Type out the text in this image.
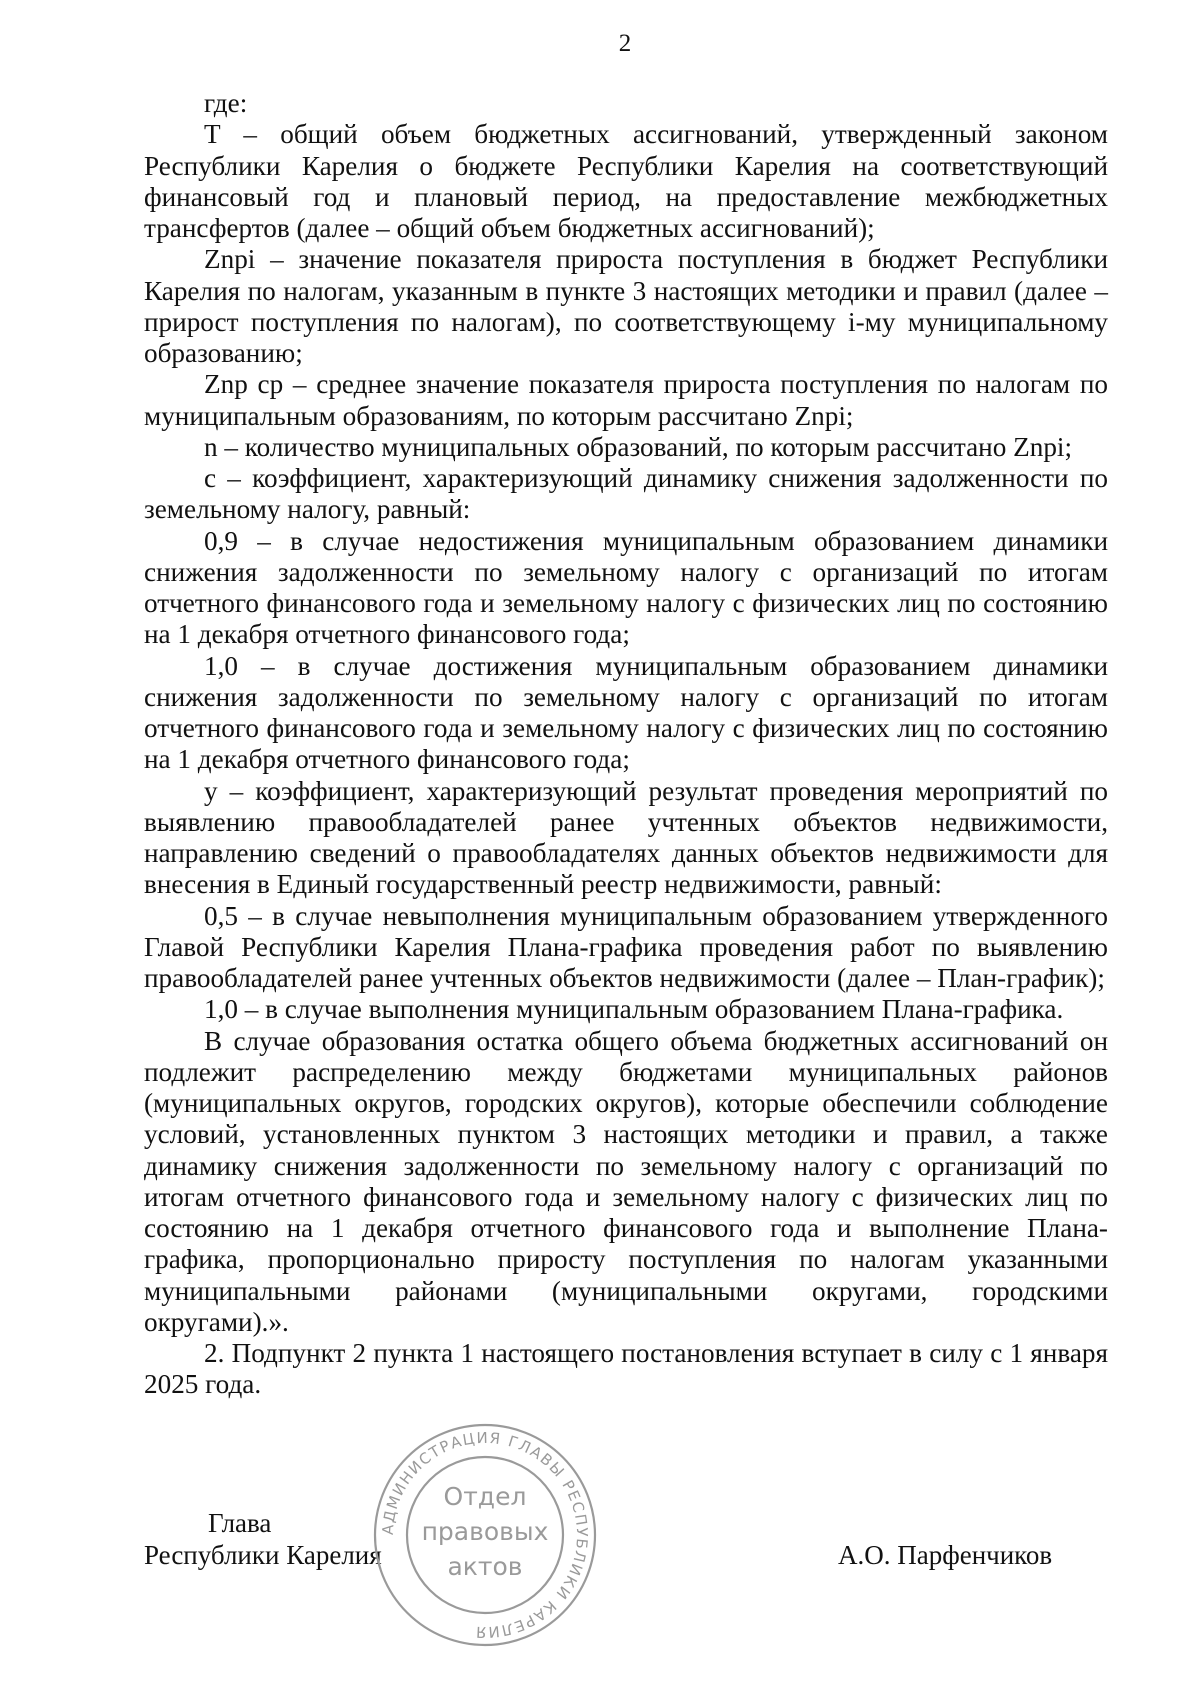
2

где:

T – общий объем бюджетных ассигнований, утвержденный законом Республики Карелия о бюджете Республики Карелия на соответствующий финансовый год и плановый период, на предоставление межбюджетных трансфертов (далее – общий объем бюджетных ассигнований);

Znpi – значение показателя прироста поступления в бюджет Республики Карелия по налогам, указанным в пункте 3 настоящих методики и правил (далее – прирост поступления по налогам), по соответствующему i-му муниципальному образованию;

Znp ср – среднее значение показателя прироста поступления по налогам по муниципальным образованиям, по которым рассчитано Znpi;

n – количество муниципальных образований, по которым рассчитано Znpi;

c – коэффициент, характеризующий динамику снижения задолженности по земельному налогу, равный:

0,9 – в случае недостижения муниципальным образованием динамики снижения задолженности по земельному налогу с организаций по итогам отчетного финансового года и земельному налогу с физических лиц по состоянию на 1 декабря отчетного финансового года;

1,0 – в случае достижения муниципальным образованием динамики снижения задолженности по земельному налогу с организаций по итогам отчетного финансового года и земельному налогу с физических лиц по состоянию на 1 декабря отчетного финансового года;

y – коэффициент, характеризующий результат проведения мероприятий по выявлению правообладателей ранее учтенных объектов недвижимости, направлению сведений о правообладателях данных объектов недвижимости для внесения в Единый государственный реестр недвижимости, равный:

0,5 – в случае невыполнения муниципальным образованием утвержденного Главой Республики Карелия Плана-графика проведения работ по выявлению правообладателей ранее учтенных объектов недвижимости (далее – План-график);

1,0 – в случае выполнения муниципальным образованием Плана-графика.

В случае образования остатка общего объема бюджетных ассигнований он подлежит распределению между бюджетами муниципальных районов (муниципальных округов, городских округов), которые обеспечили соблюдение условий, установленных пунктом 3 настоящих методики и правил, а также динамику снижения задолженности по земельному налогу с организаций по итогам отчетного финансового года и земельному налогу с физических лиц по состоянию на 1 декабря отчетного финансового года и выполнение Плана-графика, пропорционально приросту поступления по налогам указанными муниципальными районами (муниципальными округами, городскими округами).».

2. Подпункт 2 пункта 1 настоящего постановления вступает в силу с 1 января 2025 года.

Глава
Республики Карелия	А.О. Парфенчиков
АДМИНИСТРАЦИЯ ГЛАВЫ РЕСПУБЛИКИ КАРЕЛИЯ
Отдел
правовых
актов
